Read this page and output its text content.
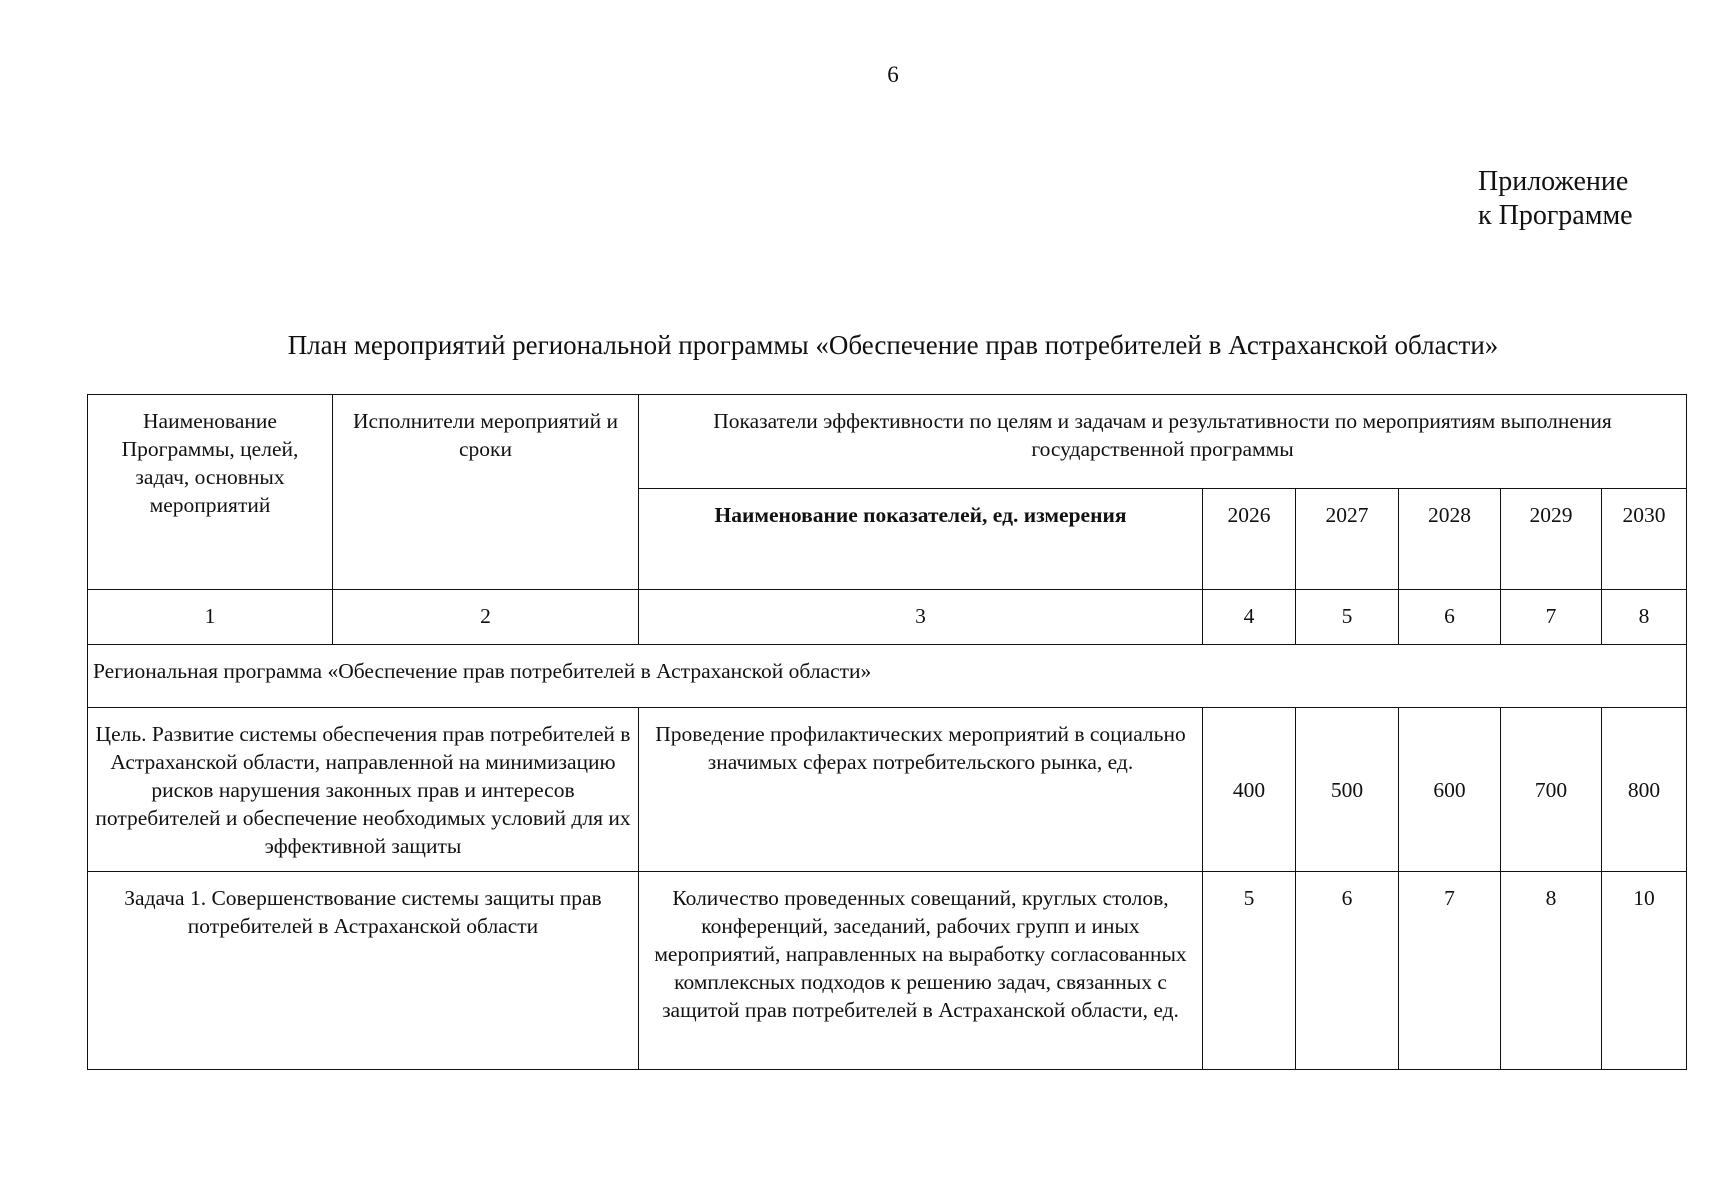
6
Приложение
к Программе
План мероприятий региональной программы «Обеспечение прав потребителей в Астраханской области»
Наименование Программы, целей, задач, основных мероприятий	Исполнители мероприятий и сроки	Показатели эффективности по целям и задачам и результативности по мероприятиям выполнения государственной программы					
		Наименование показателей, ед. измерения	2026	2027	2028	2029	2030
1	2	3	4	5	6	7	8
Региональная программа «Обеспечение прав потребителей в Астраханской области»							
Цель. Развитие системы обеспечения прав потребителей в Астраханской области, направленной на минимизацию рисков нарушения законных прав и интересов потребителей и обеспечение необходимых условий для их эффективной защиты		Проведение профилактических мероприятий в социально значимых сферах потребительского рынка, ед.	400	500	600	700	800
Задача 1. Совершенствование системы защиты прав потребителей в Астраханской области		Количество проведенных совещаний, круглых столов, конференций, заседаний, рабочих групп и иных мероприятий, направленных на выработку согласованных комплексных подходов к решению задач, связанных с защитой прав потребителей в Астраханской области, ед.	5	6	7	8	10
